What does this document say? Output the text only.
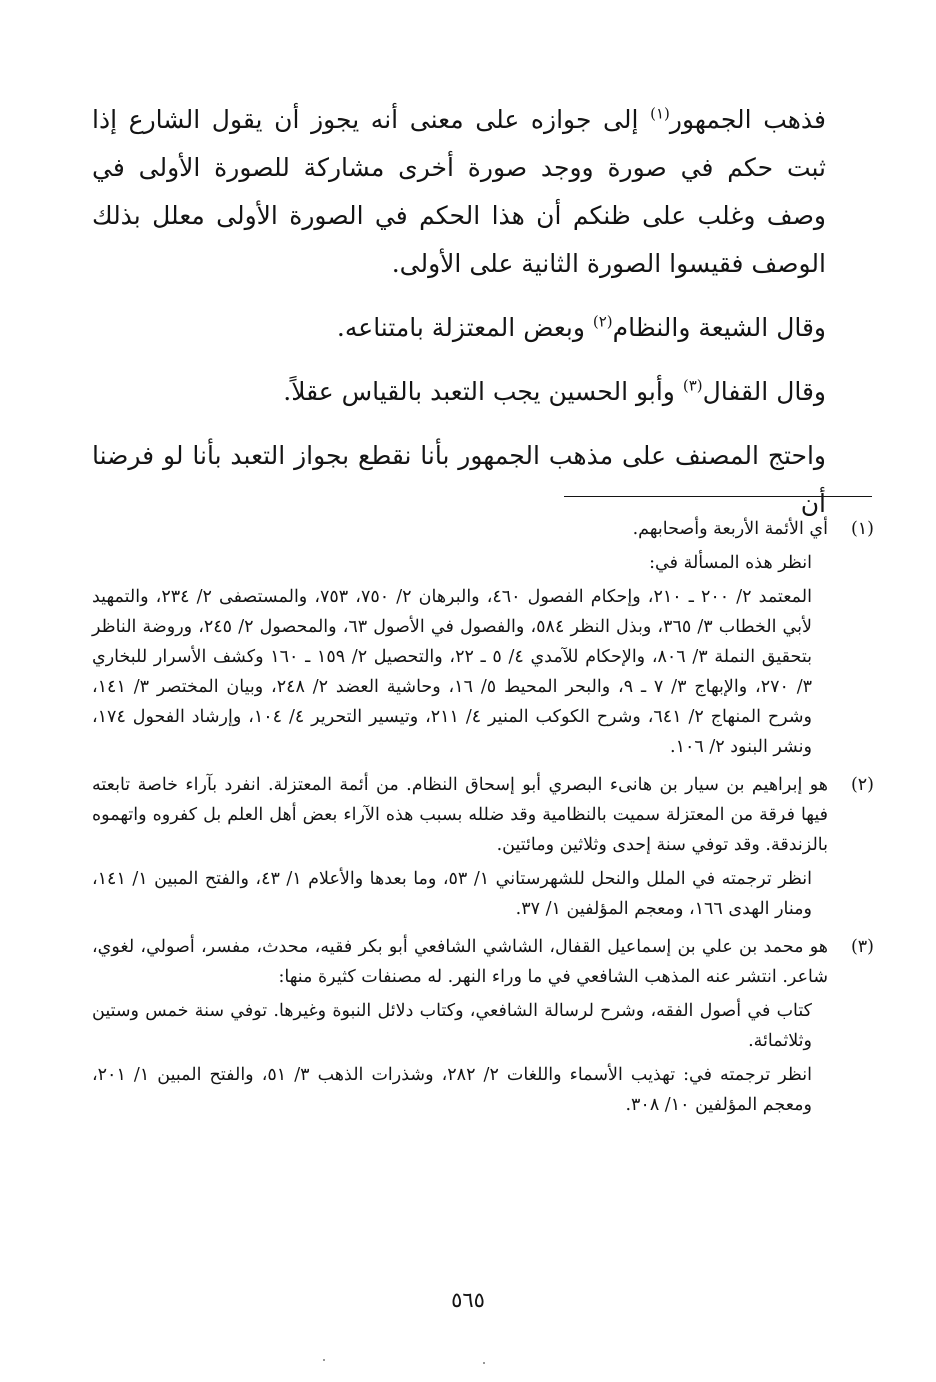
فذهب الجمهور$^{(١)}$ إلى جوازه على معنى أنه يجوز أن يقول الشارع إذا ثبت حكم في صورة ووجد صورة أخرى مشاركة للصورة الأولى في وصف وغلب على ظنكم أن هذا الحكم في الصورة الأولى معلل بذلك الوصف فقيسوا الصورة الثانية على الأولى.

وقال الشيعة والنظام$^{(٢)}$ وبعض المعتزلة بامتناعه.

وقال القفال$^{(٣)}$ وأبو الحسين يجب التعبد بالقياس عقلاً.

واحتج المصنف على مذهب الجمهور بأنا نقطع بجواز التعبد بأنا لو فرضنا أن

(١)

أي الأئمة الأربعة وأصحابهم.

انظر هذه المسألة في:

المعتمد ٢/ ٢٠٠ ـ ٢١٠، وإحكام الفصول ٤٦٠، والبرهان ٢/ ٧٥٠، ٧٥٣، والمستصفى ٢/ ٢٣٤، والتمهيد لأبي الخطاب ٣/ ٣٦٥، وبذل النظر ٥٨٤، والفصول في الأصول ٦٣، والمحصول ٢/ ٢٤٥، وروضة الناظر بتحقيق النملة ٣/ ٨٠٦، والإحكام للآمدي ٤/ ٥ ـ ٢٢، والتحصيل ٢/ ١٥٩ ـ ١٦٠ وكشف الأسرار للبخاري ٣/ ٢٧٠، والإبهاج ٣/ ٧ ـ ٩، والبحر المحيط ٥/ ١٦، وحاشية العضد ٢/ ٢٤٨، وبيان المختصر ٣/ ١٤١، وشرح المنهاج ٢/ ٦٤١، وشرح الكوكب المنير ٤/ ٢١١، وتيسير التحرير ٤/ ١٠٤، وإرشاد الفحول ١٧٤، ونشر البنود ٢/ ١٠٦.

(٢)

هو إبراهيم بن سيار بن هانىء البصري أبو إسحاق النظام. من أئمة المعتزلة. انفرد بآراء خاصة تابعته فيها فرقة من المعتزلة سميت بالنظامية وقد ضلله بسبب هذه الآراء بعض أهل العلم بل كفروه واتهموه بالزندقة. وقد توفي سنة إحدى وثلاثين ومائتين.

انظر ترجمته في الملل والنحل للشهرستاني ١/ ٥٣، وما بعدها والأعلام ١/ ٤٣، والفتح المبين ١/ ١٤١، ومنار الهدى ١٦٦، ومعجم المؤلفين ١/ ٣٧.

(٣)

هو محمد بن علي بن إسماعيل القفال، الشاشي الشافعي أبو بكر فقيه، محدث، مفسر، أصولي، لغوي، شاعر. انتشر عنه المذهب الشافعي في ما وراء النهر. له مصنفات كثيرة منها:

كتاب في أصول الفقه، وشرح لرسالة الشافعي، وكتاب دلائل النبوة وغيرها. توفي سنة خمس وستين وثلاثمائة.

انظر ترجمته في: تهذيب الأسماء واللغات ٢/ ٢٨٢، وشذرات الذهب ٣/ ٥١، والفتح المبين ١/ ٢٠١، ومعجم المؤلفين ١٠/ ٣٠٨.

٥٦٥
